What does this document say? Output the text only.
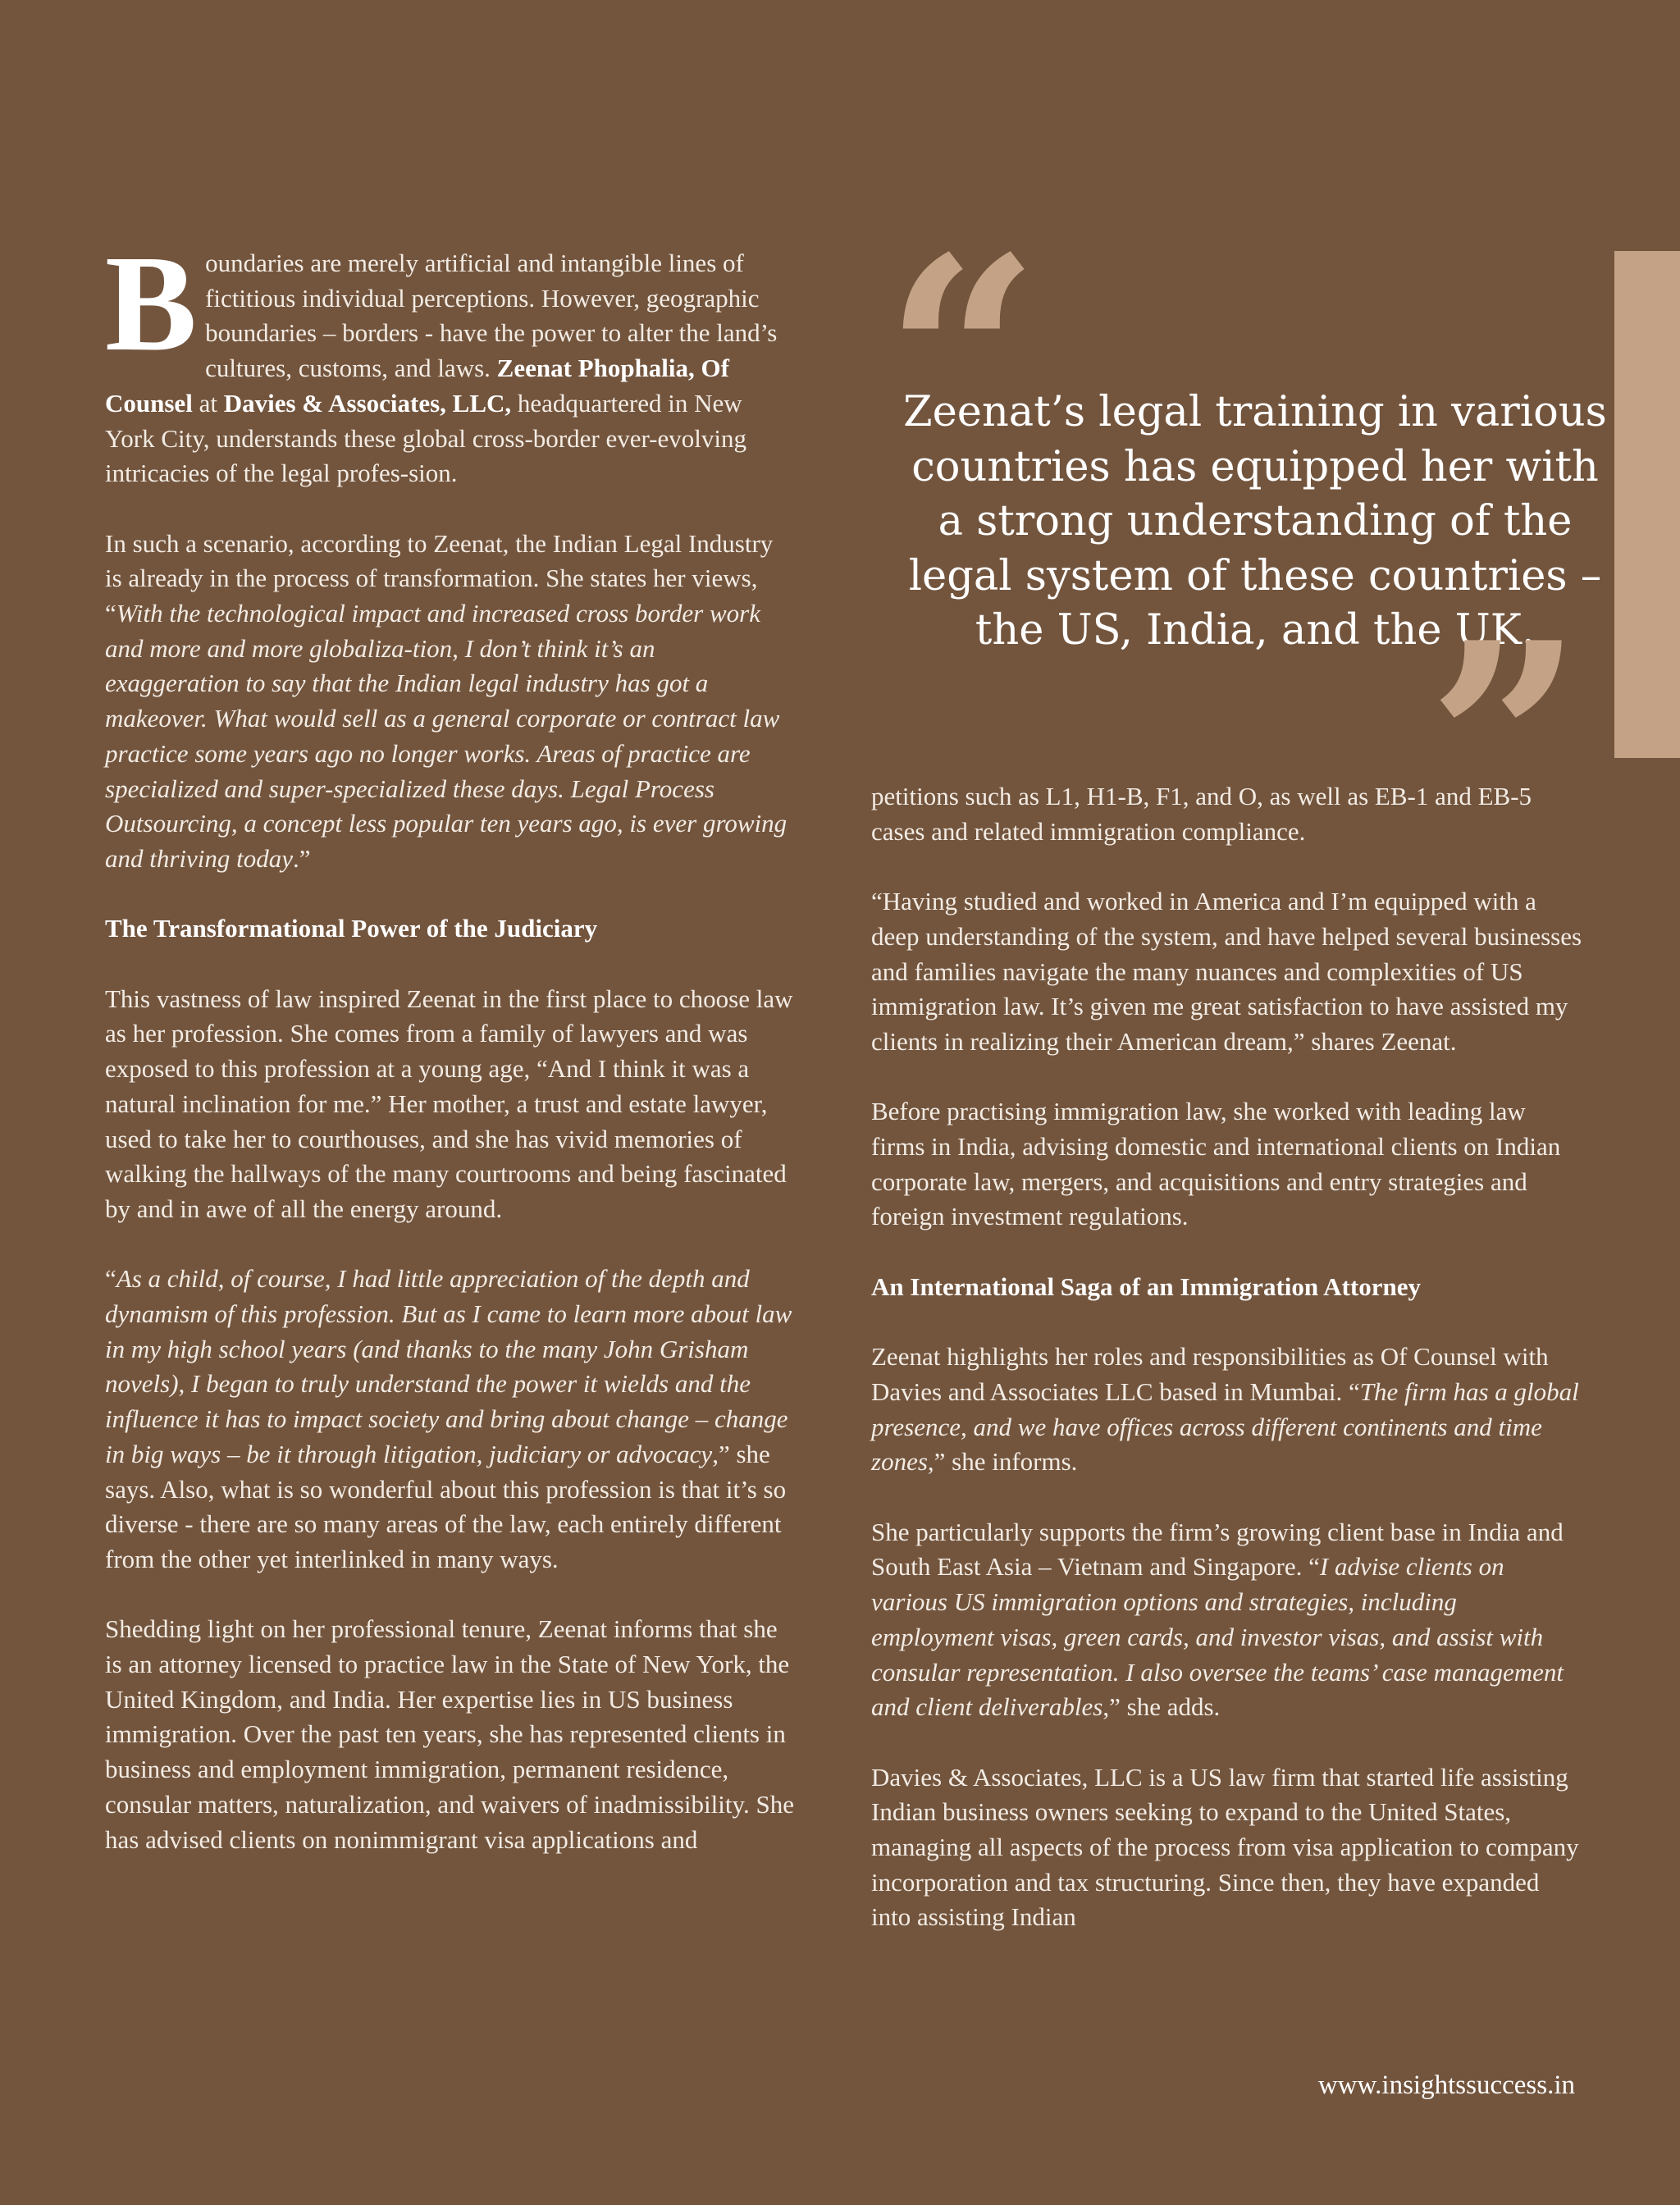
Boundaries are merely artificial and intangible lines of fictitious individual perceptions. However, geographic boundaries – borders - have the power to alter the land’s cultures, customs, and laws. Zeenat Phophalia, Of Counsel at Davies & Associates, LLC, headquartered in New York City, understands these global cross-border ever-evolving intricacies of the legal profes-sion.

In such a scenario, according to Zeenat, the Indian Legal Industry is already in the process of transformation. She states her views, “With the technological impact and increased cross border work and more and more globaliza-tion, I don’t think it’s an exaggeration to say that the Indian legal industry has got a makeover. What would sell as a general corporate or contract law practice some years ago no longer works. Areas of practice are specialized and super-specialized these days. Legal Process Outsourcing, a concept less popular ten years ago, is ever growing and thriving today.”

The Transformational Power of the Judiciary

This vastness of law inspired Zeenat in the first place to choose law as her profession. She comes from a family of lawyers and was exposed to this profession at a young age, “And I think it was a natural inclination for me.” Her mother, a trust and estate lawyer, used to take her to courthouses, and she has vivid memories of walking the hallways of the many courtrooms and being fascinated by and in awe of all the energy around.

“As a child, of course, I had little appreciation of the depth and dynamism of this profession. But as I came to learn more about law in my high school years (and thanks to the many John Grisham novels), I began to truly understand the power it wields and the influence it has to impact society and bring about change – change in big ways – be it through litigation, judiciary or advocacy,” she says. Also, what is so wonderful about this profession is that it’s so diverse - there are so many areas of the law, each entirely different from the other yet interlinked in many ways.

Shedding light on her professional tenure, Zeenat informs that she is an attorney licensed to practice law in the State of New York, the United Kingdom, and India. Her expertise lies in US business immigration. Over the past ten years, she has represented clients in business and employment immigration, permanent residence, consular matters, naturalization, and waivers of inadmissibility. She has advised clients on nonimmigrant visa applications and

“
Zeenat’s legal training in various countries has equipped her with a strong understanding of the legal system of these countries – the US, India, and the UK.
”

petitions such as L1, H1-B, F1, and O, as well as EB-1 and EB-5 cases and related immigration compliance.

“Having studied and worked in America and I’m equipped with a deep understanding of the system, and have helped several businesses and families navigate the many nuances and complexities of US immigration law. It’s given me great satisfaction to have assisted my clients in realizing their American dream,” shares Zeenat.

Before practising immigration law, she worked with leading law firms in India, advising domestic and international clients on Indian corporate law, mergers, and acquisitions and entry strategies and foreign investment regulations.

An International Saga of an Immigration Attorney

Zeenat highlights her roles and responsibilities as Of Counsel with Davies and Associates LLC based in Mumbai. “The firm has a global presence, and we have offices across different continents and time zones,” she informs.

She particularly supports the firm’s growing client base in India and South East Asia – Vietnam and Singapore. “I advise clients on various US immigration options and strategies, including employment visas, green cards, and investor visas, and assist with consular representation. I also oversee the teams’ case management and client deliverables,” she adds.

Davies & Associates, LLC is a US law firm that started life assisting Indian business owners seeking to expand to the United States, managing all aspects of the process from visa application to company incorporation and tax structuring. Since then, they have expanded into assisting Indian

www.insightssuccess.in
